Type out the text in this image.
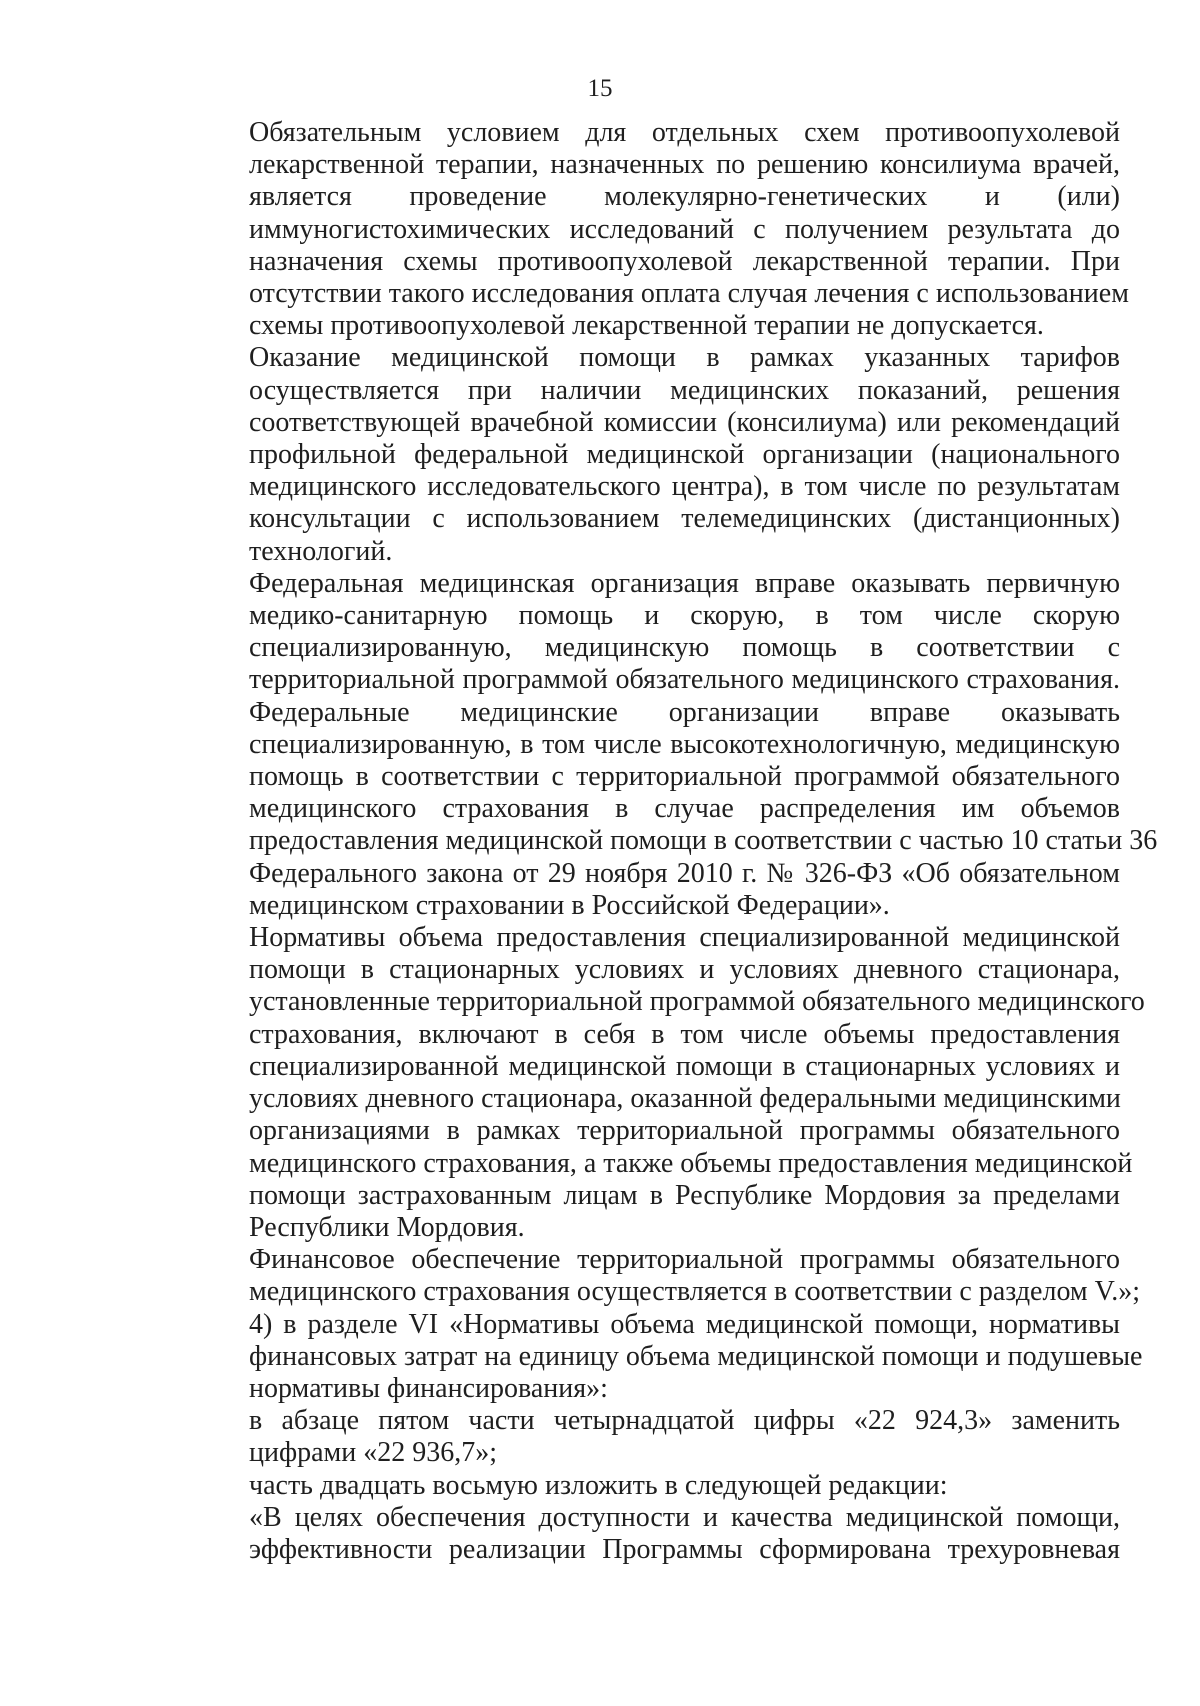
15

Обязательным условием для отдельных схем противоопухолевой
лекарственной терапии, назначенных по решению консилиума врачей,
является проведение молекулярно-генетических и (или)
иммуногистохимических исследований с получением результата до
назначения схемы противоопухолевой лекарственной терапии. При
отсутствии такого исследования оплата случая лечения с использованием
схемы противоопухолевой лекарственной терапии не допускается.

Оказание медицинской помощи в рамках указанных тарифов
осуществляется при наличии медицинских показаний, решения
соответствующей врачебной комиссии (консилиума) или рекомендаций
профильной федеральной медицинской организации (национального
медицинского исследовательского центра), в том числе по результатам
консультации с использованием телемедицинских (дистанционных)
технологий.

Федеральная медицинская организация вправе оказывать первичную
медико-санитарную помощь и скорую, в том числе скорую
специализированную, медицинскую помощь в соответствии с
территориальной программой обязательного медицинского страхования.
Федеральные медицинские организации вправе оказывать
специализированную, в том числе высокотехнологичную, медицинскую
помощь в соответствии с территориальной программой обязательного
медицинского страхования в случае распределения им объемов
предоставления медицинской помощи в соответствии с частью 10 статьи 36
Федерального закона от 29 ноября 2010 г. № 326-ФЗ «Об обязательном
медицинском страховании в Российской Федерации».

Нормативы объема предоставления специализированной медицинской
помощи в стационарных условиях и условиях дневного стационара,
установленные территориальной программой обязательного медицинского
страхования, включают в себя в том числе объемы предоставления
специализированной медицинской помощи в стационарных условиях и
условиях дневного стационара, оказанной федеральными медицинскими
организациями в рамках территориальной программы обязательного
медицинского страхования, а также объемы предоставления медицинской
помощи застрахованным лицам в Республике Мордовия за пределами
Республики Мордовия.

Финансовое обеспечение территориальной программы обязательного
медицинского страхования осуществляется в соответствии с разделом V.»;

4) в разделе VI «Нормативы объема медицинской помощи, нормативы
финансовых затрат на единицу объема медицинской помощи и подушевые
нормативы финансирования»:

в абзаце пятом части четырнадцатой цифры «22 924,3» заменить
цифрами «22 936,7»;

часть двадцать восьмую изложить в следующей редакции:

«В целях обеспечения доступности и качества медицинской помощи,
эффективности реализации Программы сформирована трехуровневая
